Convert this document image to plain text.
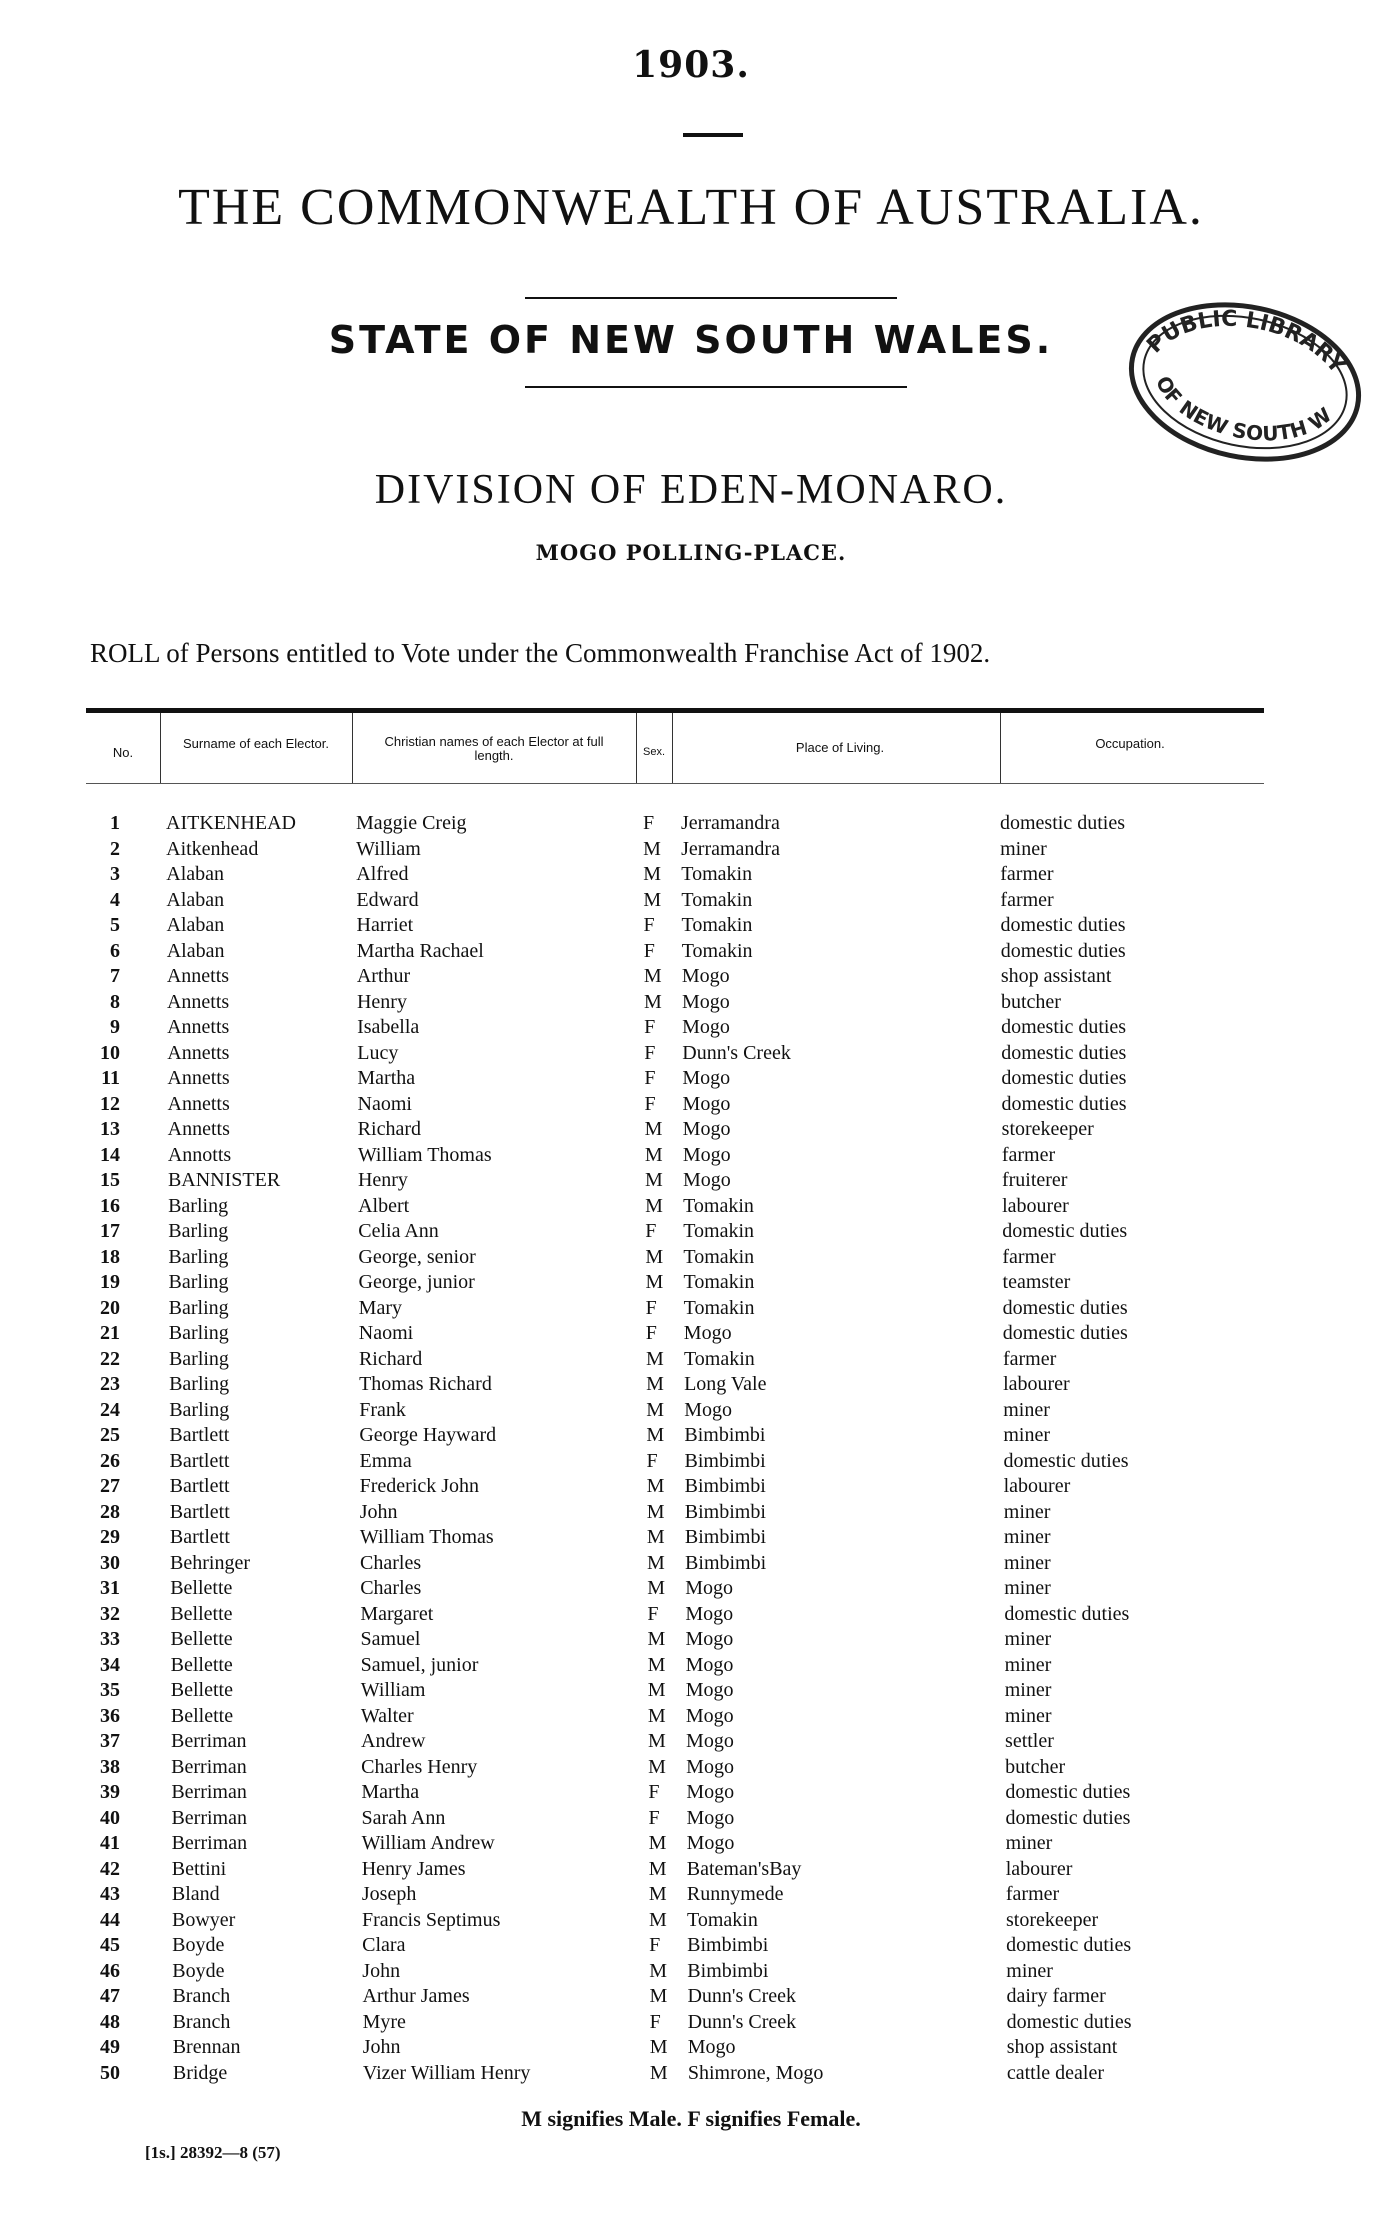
1903.
THE COMMONWEALTH OF AUSTRALIA.
STATE OF NEW SOUTH WALES.	PUBLIC LIBRARY
OF NEW SOUTH WALES
DIVISION OF EDEN-MONARO.
MOGO POLLING-PLACE.
ROLL of Persons entitled to Vote under the Commonwealth Franchise Act of 1902.
No.
Surname of each Elector.	Christian names of each Elector at full length.	Sex.	Place of Living.	Occupation.
1 AITKENHEAD	Maggie Creig	F Jerramandra	domestic duties
2 Aitkenhead	William	M Jerramandra	miner
3 Alaban	Alfred	M Tomakin	farmer
4 Alaban	Edward	M Tomakin	farmer
5 Alaban	Harriet	F Tomakin	domestic duties
6 Alaban	Martha Rachael	F Tomakin	domestic duties
7 Annetts	Arthur	M Mogo	shop assistant
8 Annetts	Henry	M Mogo	butcher
9 Annetts	Isabella	F Mogo	domestic duties
10 Annetts	Lucy	F Dunn's Creek	domestic duties
11 Annetts	Martha	F Mogo	domestic duties
12 Annetts	Naomi	F Mogo	domestic duties
13 Annetts	Richard	M Mogo	storekeeper
14 Annotts	William Thomas	M Mogo	farmer
15 BANNISTER	Henry	M Mogo	fruiterer
16 Barling	Albert	M Tomakin	labourer
17 Barling	Celia Ann	F Tomakin	domestic duties
18 Barling	George, senior	M Tomakin	farmer
19 Barling	George, junior	M Tomakin	teamster
20 Barling	Mary	F Tomakin	domestic duties
21 Barling	Naomi	F Mogo	domestic duties
22 Barling	Richard	M Tomakin	farmer
23 Barling	Thomas Richard	M Long Vale	labourer
24 Barling	Frank	M Mogo	miner
25 Bartlett	George Hayward	M Bimbimbi	miner
26 Bartlett	Emma	F Bimbimbi	domestic duties
27 Bartlett	Frederick John	M Bimbimbi	labourer
28 Bartlett	John	M Bimbimbi	miner
29 Bartlett	William Thomas	M Bimbimbi	miner
30	Behringer	Charles	M Bimbimbi	miner
31	Bellette	Charles	M Mogo	miner
32	Bellette	Margaret	F Mogo	domestic duties
33	Bellette	Samuel	M Mogo	miner
34	Bellette	Samuel, junior	M Mogo	miner
35	Bellette	William	M Mogo	miner
36	Bellette	Walter	M Mogo	miner
37	Berriman	Andrew	M Mogo	settler
38	Berriman	Charles Henry	M Mogo	butcher
39	Berriman	Martha	F Mogo	domestic duties
40	Berriman	Sarah Ann	F Mogo	domestic duties
41	Berriman	William Andrew	M Mogo	miner
42	Bettini	Henry James	M Bateman'sBay	labourer
43	Bland	Joseph	M Runnymede	farmer
44	Bowyer	Francis Septimus	M Tomakin	storekeeper
45	Boyde	Clara	F Bimbimbi	domestic duties
46	Boyde	John	M Bimbimbi	miner
47	Branch	Arthur James	M Dunn's Creek	dairy farmer
48	Branch	Myre	F Dunn's Creek	domestic duties
49	Brennan	John	M Mogo	shop assistant
50	Bridge	Vizer William Henry	M Shimrone, Mogo	cattle dealer
M signifies Male. F signifies Female.
[1s.] 28392—8 (57)
